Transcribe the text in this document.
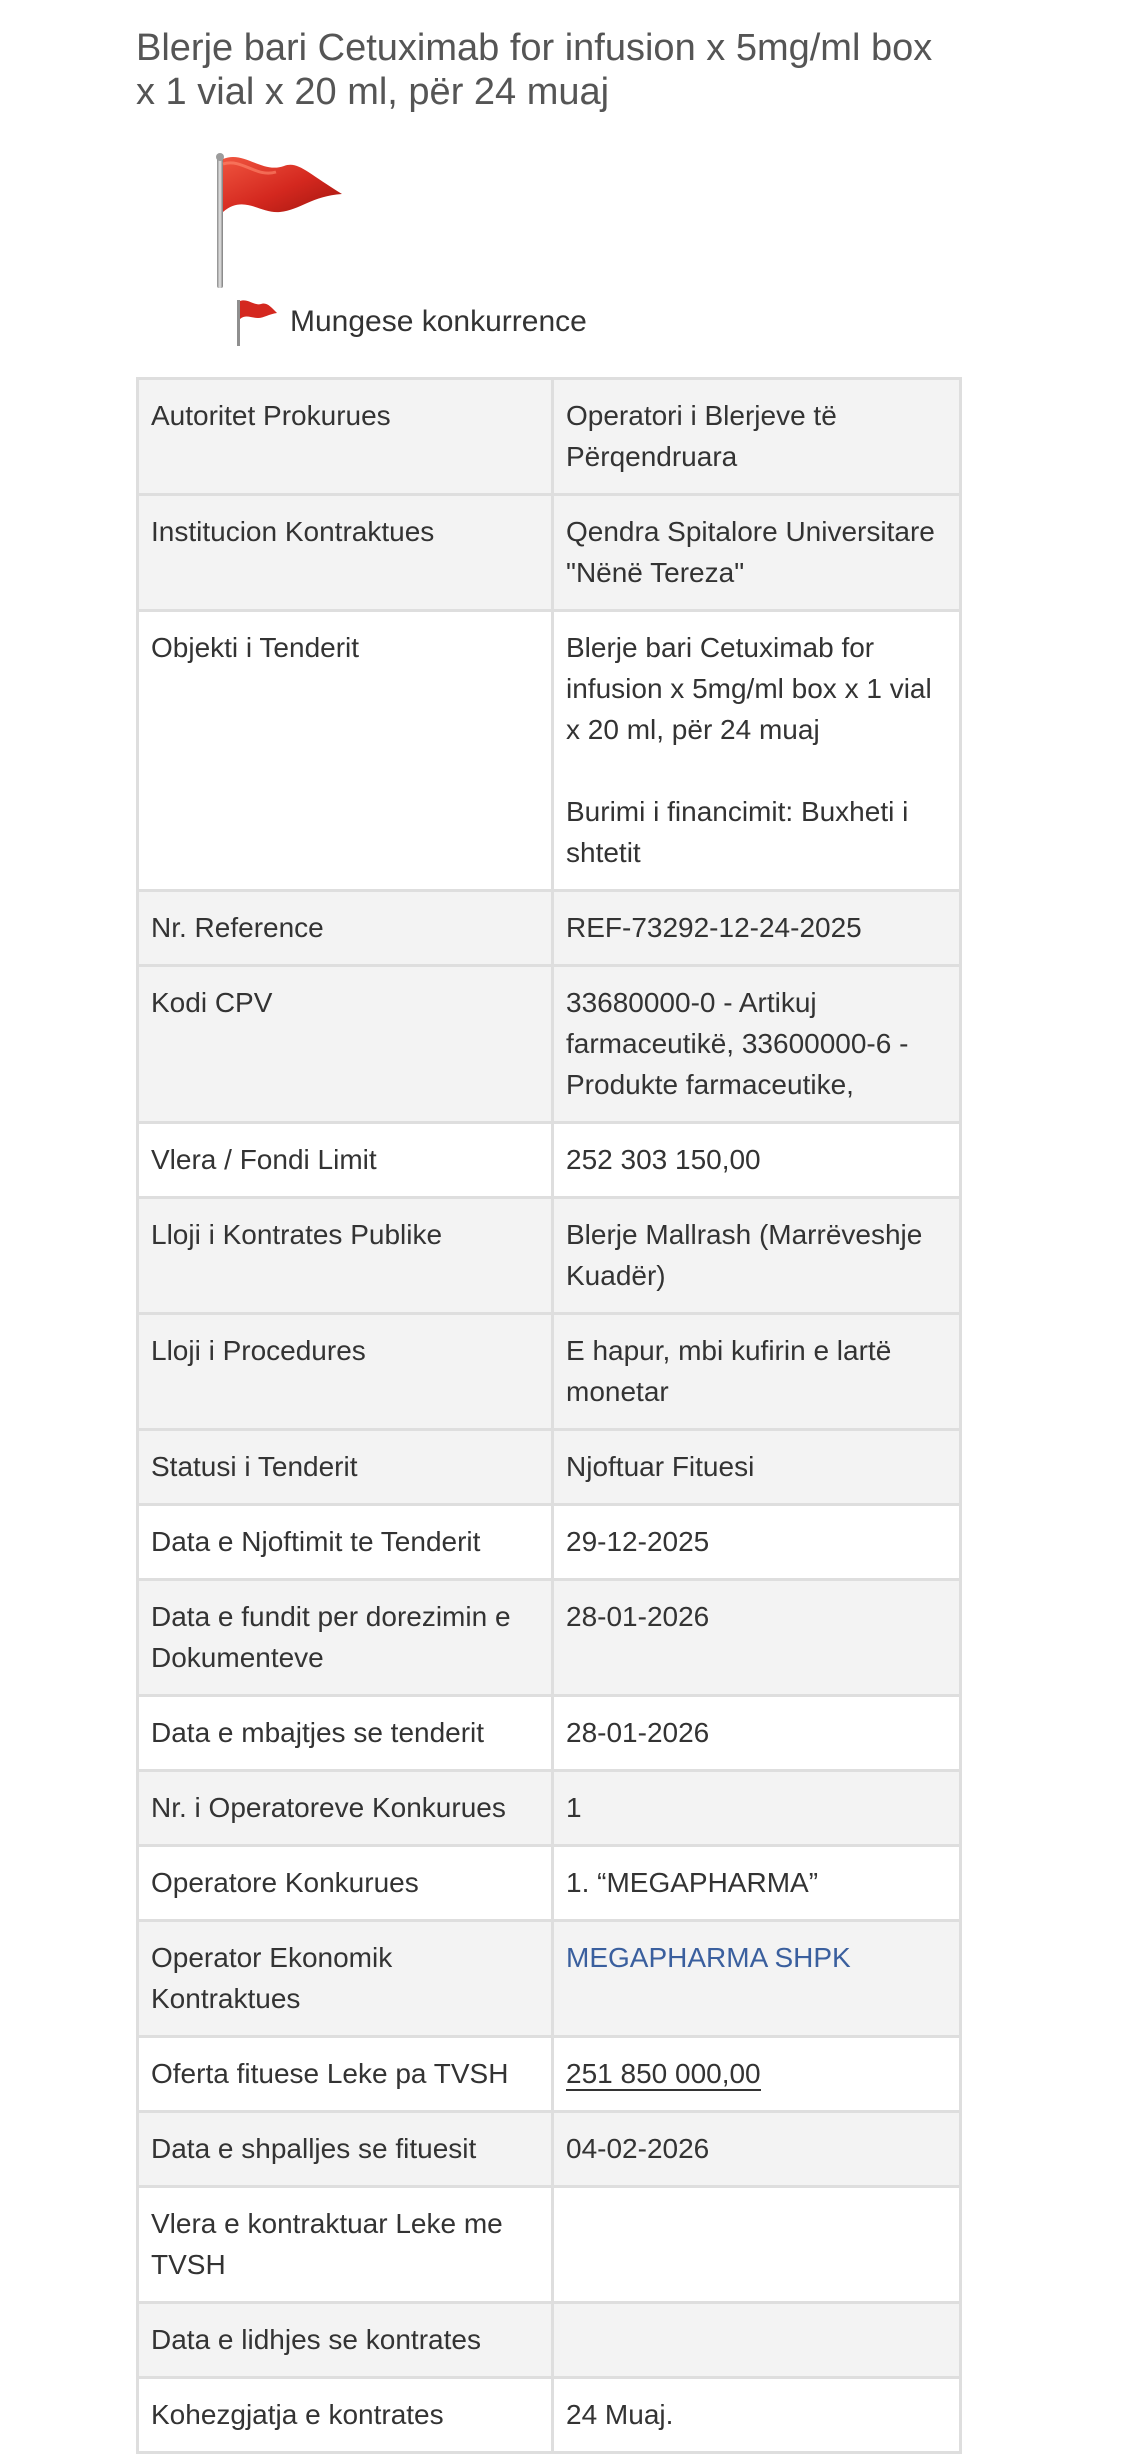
Blerje bari Cetuximab for infusion x 5mg/ml box x 1 vial x 20 ml, për 24 muaj
Mungese konkurrence
Autoritet Prokurues	Operatori i Blerjeve të Përqendruara
Institucion Kontraktues	Qendra Spitalore Universitare "Nënë Tereza"
Objekti i Tenderit	Blerje bari Cetuximab for infusion x 5mg/ml box x 1 vial x 20 ml, për 24 muaj
Burimi i financimit: Buxheti i shtetit
Nr. Reference	REF-73292-12-24-2025
Kodi CPV	33680000-0 - Artikuj farmaceutikë, 33600000-6 - Produkte farmaceutike,
Vlera / Fondi Limit	252 303 150,00
Lloji i Kontrates Publike	Blerje Mallrash (Marrëveshje Kuadër)
Lloji i Procedures	E hapur, mbi kufirin e lartë monetar
Statusi i Tenderit	Njoftuar Fituesi
Data e Njoftimit te Tenderit	29-12-2025
Data e fundit per dorezimin e Dokumenteve	28-01-2026
Data e mbajtjes se tenderit	28-01-2026
Nr. i Operatoreve Konkurues	1
Operatore Konkurues	1. “MEGAPHARMA”
Operator Ekonomik Kontraktues	MEGAPHARMA SHPK
Oferta fituese Leke pa TVSH	251 850 000,00
Data e shpalljes se fituesit	04-02-2026
Vlera e kontraktuar Leke me TVSH	
Data e lidhjes se kontrates	
Kohezgjatja e kontrates	24 Muaj.
